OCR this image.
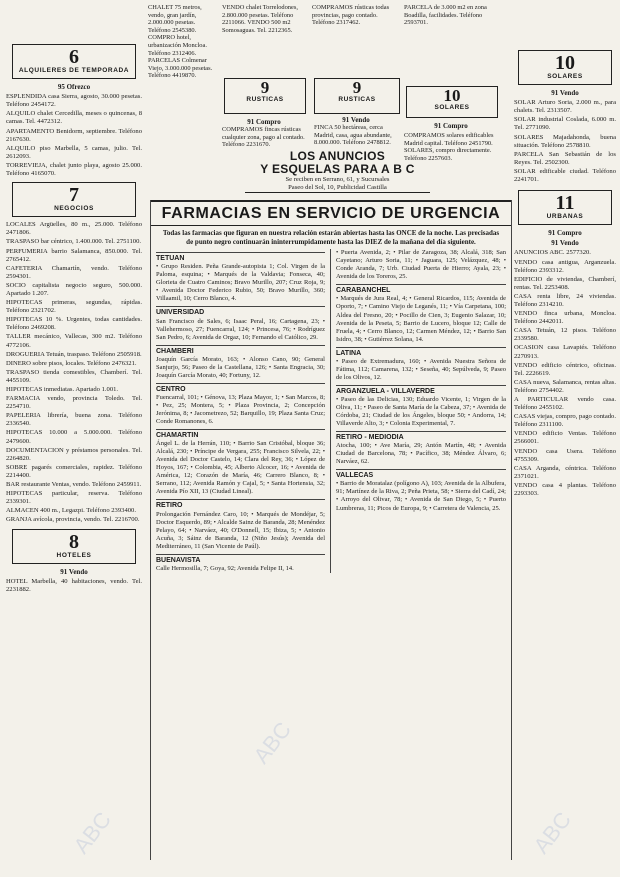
6
ALQUILERES DE TEMPORADA
95 Ofrezco
ESPLENDIDA casa Sierra, agosto, 30.000 pesetas. Teléfono 2454172.
ALQUILO chalet Cercedilla, meses o quincenas, 8 camas. Tel. 4472312.
APARTAMENTO Benidorm, septiembre. Teléfono 2167630.
ALQUILO piso Marbella, 5 camas, julio. Tel. 2612093.
TORREVIEJA, chalet junto playa, agosto 25.000. Teléfono 4165070.
7
NEGOCIOS
LOCALES Argüelles, 80 m., 25.000. Teléfono 2471806.
TRASPASO bar céntrico, 1.400.000. Tel. 2751100.
PERFUMERIA barrio Salamanca, 850.000. Tel. 2765412.
CAFETERIA Chamartín, vendo. Teléfono 2594301.
SOCIO capitalista negocio seguro, 500.000. Apartado 1.207.
HIPOTECAS primeras, segundas, rápidas. Teléfono 2321702.
HIPOTECAS 10 %. Urgentes, todas cantidades. Teléfono 2469208.
TALLER mecánico, Vallecas, 300 m2. Teléfono 4772106.
DROGUERIA Tetuán, traspaso. Teléfono 2505918.
DINERO sobre pisos, locales. Teléfono 2476321.
TRASPASO tienda comestibles, Chamberí. Tel. 4455109.
HIPOTECAS inmediatas. Apartado 1.001.
FARMACIA vendo, provincia Toledo. Tel. 2254710.
PAPELERIA librería, buena zona. Teléfono 2336540.
HIPOTECAS 10.000 a 5.000.000. Teléfono 2479600.
DOCUMENTACION y préstamos personales. Tel. 2264820.
SOBRE pagarés comerciales, rapidez. Teléfono 2214400.
BAR restaurante Ventas, vendo. Teléfono 2459911.
HIPOTECAS particular, reserva. Teléfono 2339301.
ALMACEN 400 m., Legazpi. Teléfono 2393400.
GRANJA avícola, provincia, vendo. Tel. 2216700.
8
HOTELES
91 Vendo
HOTEL Marbella, 40 habitaciones, vendo. Tel. 2231882.
CHALET 75 metros, vendo, gran jardín, 2.000.000 pesetas. Teléfono 2545380. COMPRO hotel, urbanización Moncloa. Teléfono 2312406. PARCELAS Colmenar Viejo, 3.000.000 pesetas. Teléfono 4419870.
VENDO chalet Torrelodones, 2.800.000 pesetas. Teléfono 2211066. VENDO 500 m2 Somosaguas. Tel. 2212365.
COMPRAMOS rústicas todas provincias, pago contado. Teléfono 2317462.
PARCELA de 3.000 m2 en zona Boadilla, facilidades. Teléfono 2593701.
9
RUSTICAS
91 Compro
COMPRAMOS fincas rústicas cualquier zona, pago al contado. Teléfono 2231670.
9
RUSTICAS
91 Vendo
FINCA 50 hectáreas, cerca Madrid, casa, agua abundante, 8.000.000. Teléfono 2478812.
10
SOLARES
91 Compro
COMPRAMOS solares edificables Madrid capital. Teléfono 2451790. SOLARES, compro directamente. Teléfono 2257603.
10
SOLARES
91 Vendo
SOLAR Arturo Soria, 2.000 m., para chalets. Tel. 2313507.
SOLAR industrial Coslada, 6.000 m. Tel. 2771090.
SOLARES Majadahonda, buena situación. Teléfono 2578810.
PARCELA San Sebastián de los Reyes. Tel. 2502300.
SOLAR edificable ciudad. Teléfono 2241701.
11
URBANAS
91 Compro
91 Vendo
ANUNCIOS ABC. 2577320.
VENDO casa antigua, Arganzuela. Teléfono 2393312.
EDIFICIO de viviendas, Chamberí, rentas. Tel. 2253408.
CASA renta libre, 24 viviendas. Teléfono 2314210.
VENDO finca urbana, Moncloa. Teléfono 2442011.
CASA Tetuán, 12 pisos. Teléfono 2339580.
OCASION casa Lavapiés. Teléfono 2270913.
VENDO edificio céntrico, oficinas. Tel. 2226619.
CASA nueva, Salamanca, rentas altas. Teléfono 2754402.
A PARTICULAR vendo casa. Teléfono 2455102.
CASAS viejas, compro, pago contado. Teléfono 2311100.
VENDO edificio Ventas. Teléfono 2566001.
VENDO casa Usera. Teléfono 4755309.
CASA Arganda, céntrica. Teléfono 2371021.
VENDO casa 4 plantas. Teléfono 2293303.
LOS ANUNCIOS
Y ESQUELAS PARA A B C
Se reciben en Serrano, 61, y Sucursales
Paseo del Sol, 10, Publicidad Castilla
FARMACIAS EN SERVICIO DE URGENCIA
Todas las farmacias que figuran en nuestra relación estarán abiertas hasta las ONCE de la noche. Las precisadas de punto negro continuarán ininterrumpidamente hasta las DIEZ de la mañana del día siguiente.
TETUAN
• Grupo Residen. Peña Grande-autopista 1; Col. Virgen de la Paloma, esquina; • Marqués de la Valdavia; Fonseca, 40; Glorieta de Cuatro Caminos; Bravo Murillo, 207; Cruz Roja, 9; • Avenida Doctor Federico Rubio, 50; Bravo Murillo, 360; Villaamil, 10; Cerro Blanco, 4.
UNIVERSIDAD
San Francisco de Sales, 6; Isaac Peral, 16; Cartagena, 23; • Vallehermoso, 27; Fuencarral, 124; • Princesa, 76; • Rodríguez San Pedro, 6; Avenida de Orgaz, 10; Fernando el Católico, 29.
CHAMBERI
Joaquín García Morato, 163; • Alonso Cano, 90; General Sanjurjo, 56; Paseo de la Castellana, 126; • Santa Engracia, 30; Joaquín García Morato, 40; Fortuny, 12.
CENTRO
Fuencarral, 101; • Génova, 13; Plaza Mayor, 1; • San Marcos, 8; • Pez, 25; Montera, 5; • Plaza Provincia, 2; Concepción Jerónima, 8; • Jacometrezo, 52; Barquillo, 19; Plaza Santa Cruz; Conde Romanones, 6.
CHAMARTIN
Ángel L. de la Herrán, 110; • Barrio San Cristóbal, bloque 36; Alcalá, 230; • Príncipe de Vergara, 255; Francisco Silvela, 22; • Avenida del Doctor Castelo, 14; Clara del Rey, 36; • López de Hoyos, 167; • Colombia, 45; Alberto Alcocer, 16; • Avenida de América, 12; Corazón de María, 46; Carrero Blanco, 8; • Serrano, 112; Avenida Ramón y Cajal, 5; • Santa Hortensia, 32; Avenida Pío XII, 13 (Ciudad Lineal).
RETIRO
Prolongación Fernández Caro, 10; • Marqués de Mondéjar, 5; Doctor Esquerdo, 89; • Alcalde Sainz de Baranda, 28; Menéndez Pelayo, 64; • Narváez, 40; O'Donnell, 15; Ibiza, 5; • Antonio Acuña, 3; Sáinz de Baranda, 12 (Niño Jesús); Avenida del Mediterráneo, 11 (San Vicente de Paúl).
BUENAVISTA
Calle Hermosilla, 7; Goya, 92; Avenida Felipe II, 14.
• Puerta Avenida, 2; • Pilar de Zaragoza, 38; Alcalá, 318; San Cayetano; Arturo Soria, 11; • Jaguara, 125; Velázquez, 48; • Conde Aranda, 7; Urb. Ciudad Puerta de Hierro; Ayala, 23; • Avenida de los Toreros, 25.
CARABANCHEL
• Marqués de Jura Real, 4; • General Ricardos, 115; Avenida de Oporto, 7; • Camino Viejo de Leganés, 11; • Vía Carpetana, 100; Aldea del Fresno, 20; • Pocillo de Cien, 3; Eugenio Salazar, 10; Avenida de la Peseta, 5; Barrio de Lucero, bloque 12; Calle de Fruela, 4; • Cerro Blanco, 12; Carmen Méndez, 12; • Barrio San Isidro, 38; • Gutiérrez Solana, 14.
LATINA
• Paseo de Extremadura, 160; • Avenida Nuestra Señora de Fátima, 112; Camarena, 132; • Seseña, 40; Sepúlveda, 9; Paseo de los Olivos, 12.
ARGANZUELA - VILLAVERDE
• Paseo de las Delicias, 130; Eduardo Vicente, 1; Virgen de la Oliva, 11; • Paseo de Santa María de la Cabeza, 37; • Avenida de Córdoba, 21; Ciudad de los Ángeles, bloque 50; • Andorra, 14; Villaverde Alto, 3; • Colonia Experimental, 7.
RETIRO - MEDIODIA
Atocha, 100; • Ave María, 29; Antón Martín, 48; • Avenida Ciudad de Barcelona, 78; • Pacífico, 38; Méndez Álvaro, 6; Narváez, 62.
VALLECAS
• Barrio de Moratalaz (polígono A), 103; Avenida de la Albufera, 91; Martínez de la Riva, 2; Peña Prieta, 58; • Sierra del Cadí, 24; • Arroyo del Olivar, 78; • Avenida de San Diego, 5; • Puerto Lumbreras, 11; Picos de Europa, 9; • Carretera de Valencia, 25.
ABC
ABC	ABC
